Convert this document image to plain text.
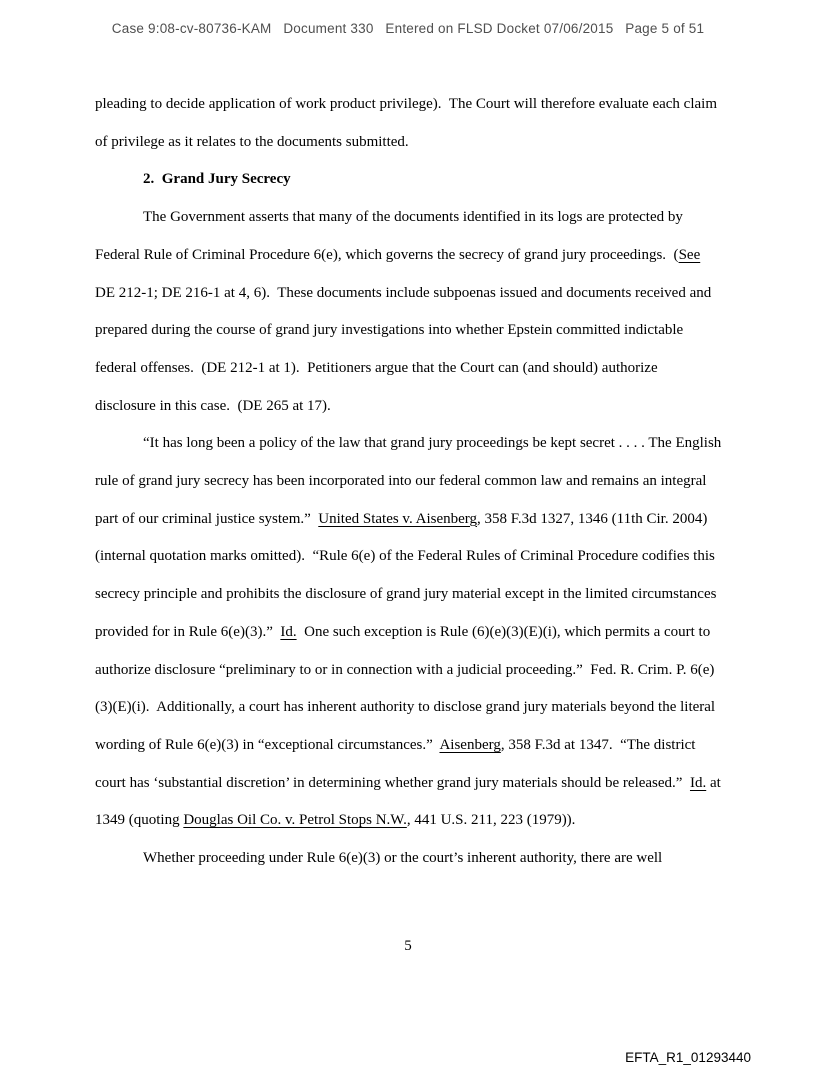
Case 9:08-cv-80736-KAM   Document 330   Entered on FLSD Docket 07/06/2015   Page 5 of 51

pleading to decide application of work product privilege).  The Court will therefore evaluate each claim of privilege as it relates to the documents submitted.

2.  Grand Jury Secrecy

The Government asserts that many of the documents identified in its logs are protected by Federal Rule of Criminal Procedure 6(e), which governs the secrecy of grand jury proceedings.  (See DE 212-1; DE 216-1 at 4, 6).  These documents include subpoenas issued and documents received and prepared during the course of grand jury investigations into whether Epstein committed indictable federal offenses.  (DE 212-1 at 1).  Petitioners argue that the Court can (and should) authorize disclosure in this case.  (DE 265 at 17).

“It has long been a policy of the law that grand jury proceedings be kept secret . . . . The English rule of grand jury secrecy has been incorporated into our federal common law and remains an integral part of our criminal justice system.”  United States v. Aisenberg, 358 F.3d 1327, 1346 (11th Cir. 2004) (internal quotation marks omitted).  “Rule 6(e) of the Federal Rules of Criminal Procedure codifies this secrecy principle and prohibits the disclosure of grand jury material except in the limited circumstances provided for in Rule 6(e)(3).”  Id.  One such exception is Rule (6)(e)(3)(E)(i), which permits a court to authorize disclosure “preliminary to or in connection with a judicial proceeding.”  Fed. R. Crim. P. 6(e)(3)(E)(i).  Additionally, a court has inherent authority to disclose grand jury materials beyond the literal wording of Rule 6(e)(3) in “exceptional circumstances.”  Aisenberg, 358 F.3d at 1347.  “The district court has ‘substantial discretion’ in determining whether grand jury materials should be released.”  Id. at 1349 (quoting Douglas Oil Co. v. Petrol Stops N.W., 441 U.S. 211, 223 (1979)).

Whether proceeding under Rule 6(e)(3) or the court’s inherent authority, there are well

5
EFTA_R1_01293440
